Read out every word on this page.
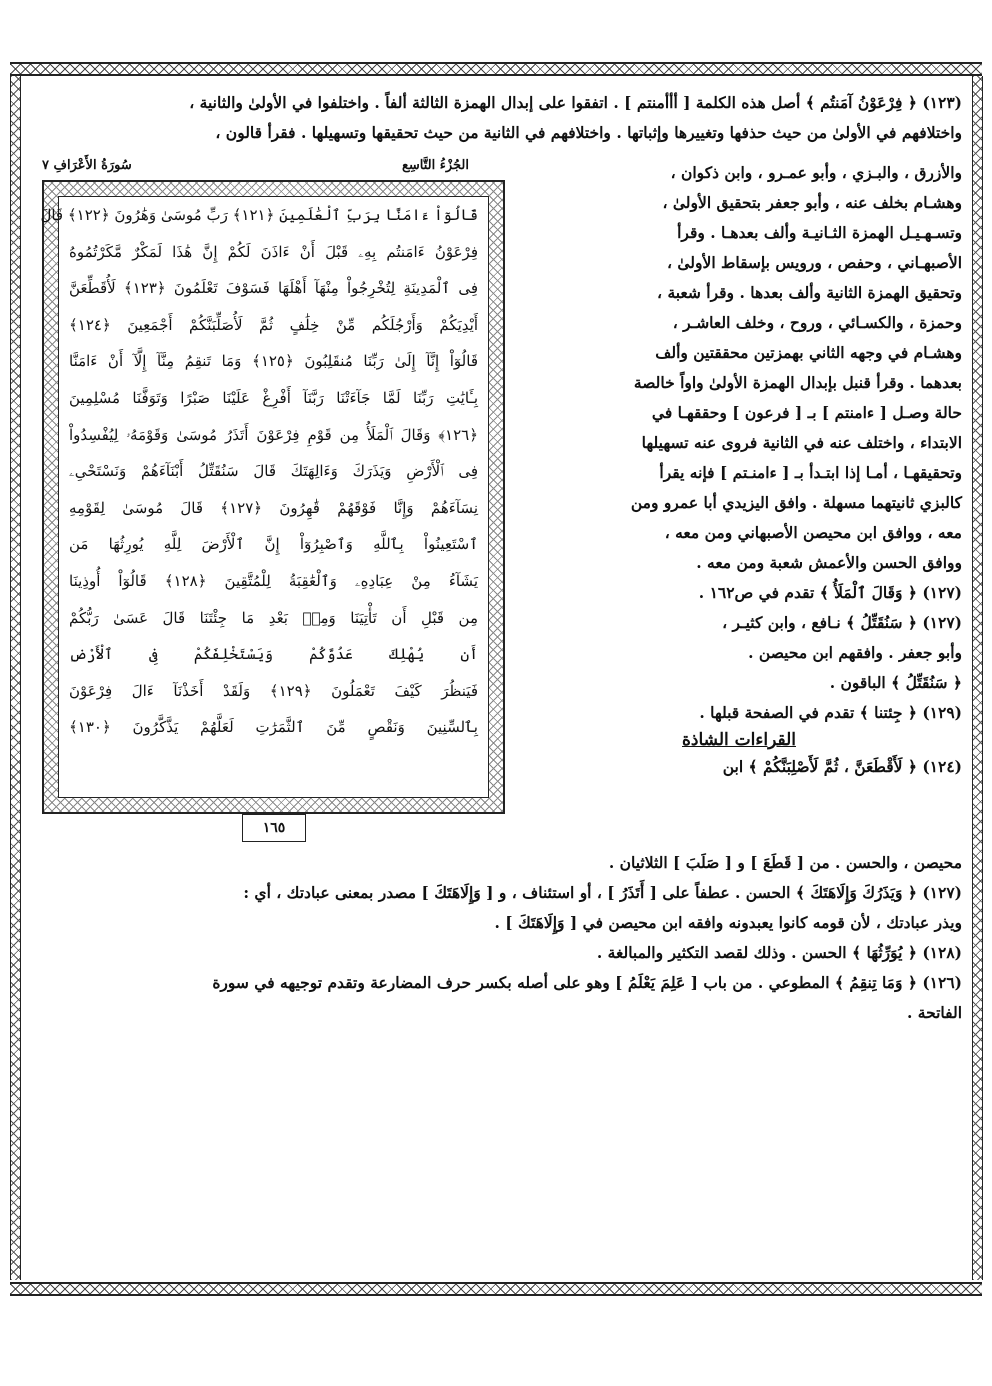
(١٢٣) ﴿ فِرْعَوْنُ آمَنتُم ﴾ أصل هذه الكلمة [ أأأمنتم ] . اتفقوا على إبدال الهمزة الثالثة ألفاً . واختلفوا في الأولىٰ والثانية ،

واختلافهم في الأولىٰ من حيث حذفها وتغييرها وإثباتها . واختلافهم في الثانية من حيث تحقيقها وتسهيلها . فقرأ قالون ،

الجُزْءُ التَّاسِع
سُورَةُ الأَعْرَافِ ٧
قَالُوٓاْ ءَامَنَّا بِرَبِّ ٱلْعَٰلَمِينَ ﴿١٢١﴾ رَبِّ مُوسَىٰ وَهَٰرُونَ ﴿١٢٢﴾ قَالَ
فِرْعَوْنُ ءَامَنتُم بِهِۦ قَبْلَ أَنْ ءَاذَنَ لَكُمْ إِنَّ هَٰذَا لَمَكْرٌ مَّكَرْتُمُوهُ
فِى ٱلْمَدِينَةِ لِتُخْرِجُواْ مِنْهَآ أَهْلَهَا فَسَوْفَ تَعْلَمُونَ ﴿١٢٣﴾ لَأُقَطِّعَنَّ
أَيْدِيَكُمْ وَأَرْجُلَكُم مِّنْ خِلَٰفٍ ثُمَّ لَأُصَلِّبَنَّكُمْ أَجْمَعِينَ ﴿١٢٤﴾
قَالُوٓاْ إِنَّآ إِلَىٰ رَبِّنَا مُنقَلِبُونَ ﴿١٢٥﴾ وَمَا تَنقِمُ مِنَّآ إِلَّآ أَنْ ءَامَنَّا
بِـَٔايَٰتِ رَبِّنَا لَمَّا جَآءَتْنَا رَبَّنَآ أَفْرِغْ عَلَيْنَا صَبْرًا وَتَوَفَّنَا مُسْلِمِينَ
﴿١٢٦﴾ وَقَالَ ٱلْمَلَأُ مِن قَوْمِ فِرْعَوْنَ أَتَذَرُ مُوسَىٰ وَقَوْمَهُۥ لِيُفْسِدُواْ
فِى ٱلْأَرْضِ وَيَذَرَكَ وَءَالِهَتَكَ قَالَ سَنُقَتِّلُ أَبْنَآءَهُمْ وَنَسْتَحْىِۦ
نِسَآءَهُمْ وَإِنَّا فَوْقَهُمْ قَٰهِرُونَ ﴿١٢٧﴾ قَالَ مُوسَىٰ لِقَوْمِهِ
ٱسْتَعِينُواْ بِٱللَّهِ وَٱصْبِرُوٓاْ إِنَّ ٱلْأَرْضَ لِلَّهِ يُورِثُهَا مَن
يَشَآءُ مِنْ عِبَادِهِۦ وَٱلْعَٰقِبَةُ لِلْمُتَّقِينَ ﴿١٢٨﴾ قَالُوٓاْ أُوذِينَا
مِن قَبْلِ أَن تَأْتِيَنَا وَمِنۢ بَعْدِ مَا جِئْتَنَا قَالَ عَسَىٰ رَبُّكُمْ
أَن يُهْلِكَ عَدُوَّكُمْ وَيَسْتَخْلِفَكُمْ فِى ٱلْأَرْضِ
فَيَنظُرَ كَيْفَ تَعْمَلُونَ ﴿١٢٩﴾ وَلَقَدْ أَخَذْنَآ ءَالَ فِرْعَوْنَ
بِٱلسِّنِينَ وَنَقْصٍ مِّنَ ٱلثَّمَرَٰتِ لَعَلَّهُمْ يَذَّكَّرُونَ ﴿١٣٠﴾
١٦٥

والأزرق ، والبـزي ، وأبو عمـرو ، وابن ذكوان ،

وهشـام بخلف عنه ، وأبو جعفر بتحقيق الأولىٰ ،

وتسـهـيـل الهمزة الثـانيـة وألف بعدهـا . وقرأ

الأصبهـاني ، وحفص ، ورويس بإسقاط الأولىٰ ،

وتحقيق الهمزة الثانية وألف بعدها . وقرأ شعبة ،

وحمزة ، والكسـائي ، وروح ، وخلف العاشـر ،

وهشـام في وجهه الثاني بهمزتين محققتين وألف

بعدهما . وقرأ قنبل بإبدال الهمزة الأولىٰ واواً خالصة

حالة وصـل [ ءامنتم ] بـ [ فرعون ] وحققهـا في

الابتداء ، واختلف عنه في الثانية فروى عنه تسهيلها

وتحقيقهـا ، أمـا إذا ابتـدأ بـ [ ءامنـتم ] فإنه يقرأ

كالبزي ثانيتهما مسهلة . وافق اليزيدي أبا عمرو ومن

معه ، ووافق ابن محيصن الأصبهاني ومن معه ،

ووافق الحسن والأعمش شعبة ومن معه .

(١٢٧) ﴿ وَقَالَ ٱلْمَلَأُ ﴾ تقدم في ص١٦٢ .

(١٢٧) ﴿ سَنُقَتِّلُ ﴾ نـافع ، وابن كثيـر ،

وأبو جعفر . وافقهم ابن محيصن .

﴿ سَنُقَتِّلُ ﴾ الباقون .

(١٢٩) ﴿ جِئتنا ﴾ تقدم في الصفحة قبلها .

القراءات الشاذة

(١٢٤) ﴿ لَأَقْطَعَنَّ ، ثُمَّ لَأَصْلِبَنَّكُمْ ﴾ ابن

محيصن ، والحسن . من [ قَطَعَ ] و [ صَلَبَ ] الثلاثيان .

(١٢٧) ﴿ وَيَذَرُكَ وَإِلَاهَتَكَ ﴾ الحسن . عطفاً على [ أَتَذَرُ ] ، أو استئناف ، و [ وَإِلَاهَتَكَ ] مصدر بمعنى عبادتك ، أي :

ويذر عبادتك ، لأن قومه كانوا يعبدونه وافقه ابن محيصن في [ وَإِلَاهَتَكَ ] .

(١٢٨) ﴿ يُوَرِّثُهَا ﴾ الحسن . وذلك لقصد التكثير والمبالغة .

(١٢٦) ﴿ وَمَا تِنقِمُ ﴾ المطوعي . من باب [ عَلِمَ يَعْلَمُ ] وهو على أصله بكسر حرف المضارعة وتقدم توجيهه في سورة

الفاتحة .
